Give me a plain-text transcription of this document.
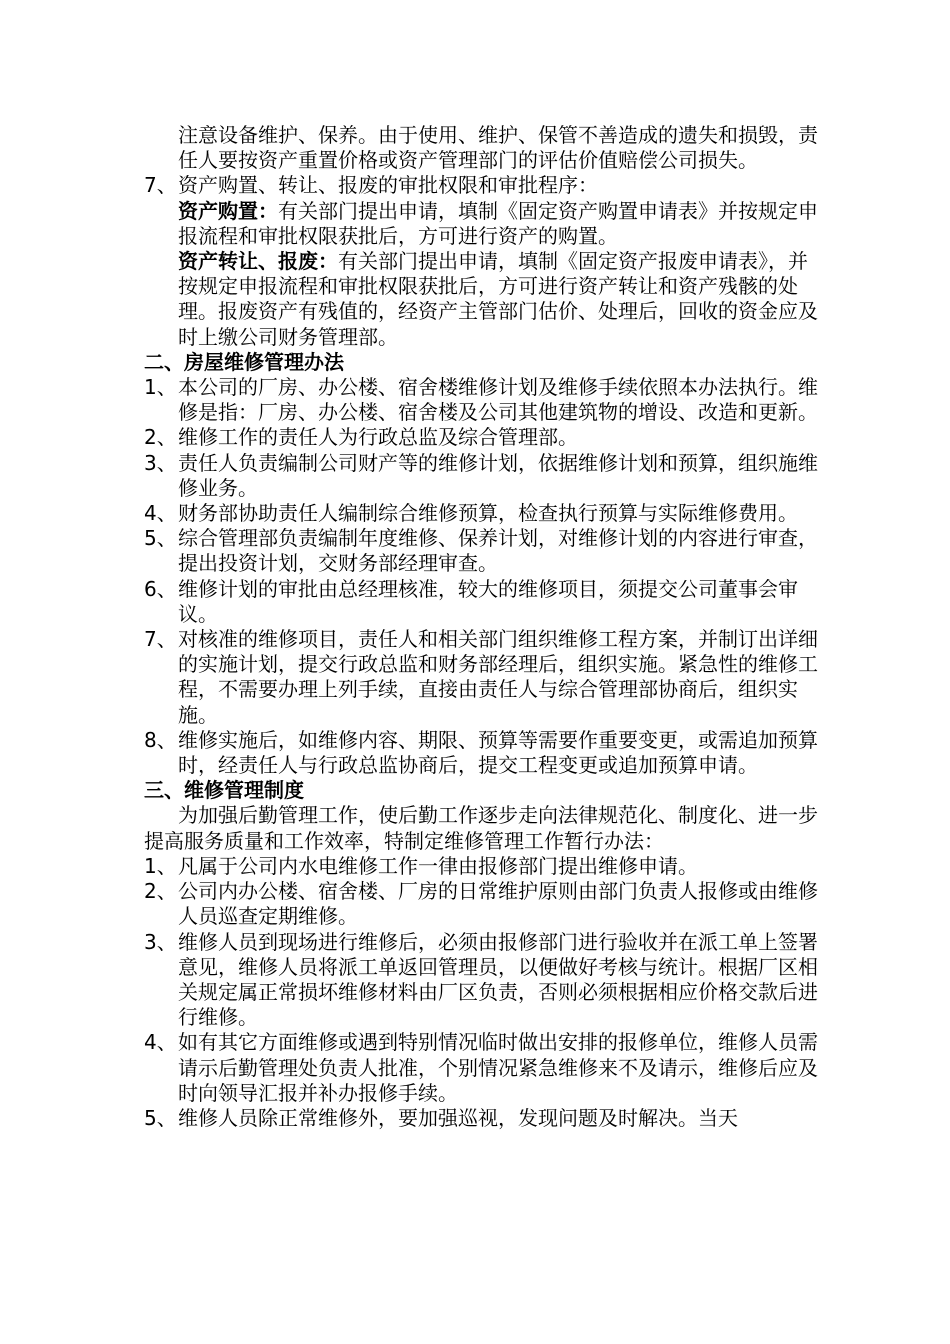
注意设备维护、保养。由于使用、维护、保管不善造成的遗失和损毁，责任人要按资产重置价格或资产管理部门的评估价值赔偿公司损失。

7、 资产购置、转让、报废的审批权限和审批程序：

资产购置：有关部门提出申请，填制《固定资产购置申请表》并按规定申报流程和审批权限获批后，方可进行资产的购置。

资产转让、报废：有关部门提出申请，填制《固定资产报废申请表》，并按规定申报流程和审批权限获批后，方可进行资产转让和资产残骸的处理。报废资产有残值的，经资产主管部门估价、处理后，回收的资金应及时上缴公司财务管理部。

二、房屋维修管理办法

1、 本公司的厂房、办公楼、宿舍楼维修计划及维修手续依照本办法执行。维修是指：厂房、办公楼、宿舍楼及公司其他建筑物的增设、改造和更新。
2、 维修工作的责任人为行政总监及综合管理部。
3、 责任人负责编制公司财产等的维修计划，依据维修计划和预算，组织施维修业务。
4、 财务部协助责任人编制综合维修预算，检查执行预算与实际维修费用。
5、 综合管理部负责编制年度维修、保养计划，对维修计划的内容进行审查，提出投资计划，交财务部经理审查。
6、 维修计划的审批由总经理核准，较大的维修项目，须提交公司董事会审议。
7、 对核准的维修项目，责任人和相关部门组织维修工程方案，并制订出详细的实施计划，提交行政总监和财务部经理后，组织实施。紧急性的维修工程，不需要办理上列手续，直接由责任人与综合管理部协商后，组织实施。
8、 维修实施后，如维修内容、期限、预算等需要作重要变更，或需追加预算时，经责任人与行政总监协商后，提交工程变更或追加预算申请。

三、维修管理制度

为加强后勤管理工作，使后勤工作逐步走向法律规范化、制度化、进一步提高服务质量和工作效率，特制定维修管理工作暂行办法：

1、 凡属于公司内水电维修工作一律由报修部门提出维修申请。
2、 公司内办公楼、宿舍楼、厂房的日常维护原则由部门负责人报修或由维修人员巡查定期维修。
3、 维修人员到现场进行维修后，必须由报修部门进行验收并在派工单上签署意见，维修人员将派工单返回管理员，以便做好考核与统计。根据厂区相关规定属正常损坏维修材料由厂区负责，否则必须根据相应价格交款后进行维修。
4、 如有其它方面维修或遇到特别情况临时做出安排的报修单位，维修人员需请示后勤管理处负责人批准，个别情况紧急维修来不及请示，维修后应及时向领导汇报并补办报修手续。
5、 维修人员除正常维修外，要加强巡视，发现问题及时解决。当天
